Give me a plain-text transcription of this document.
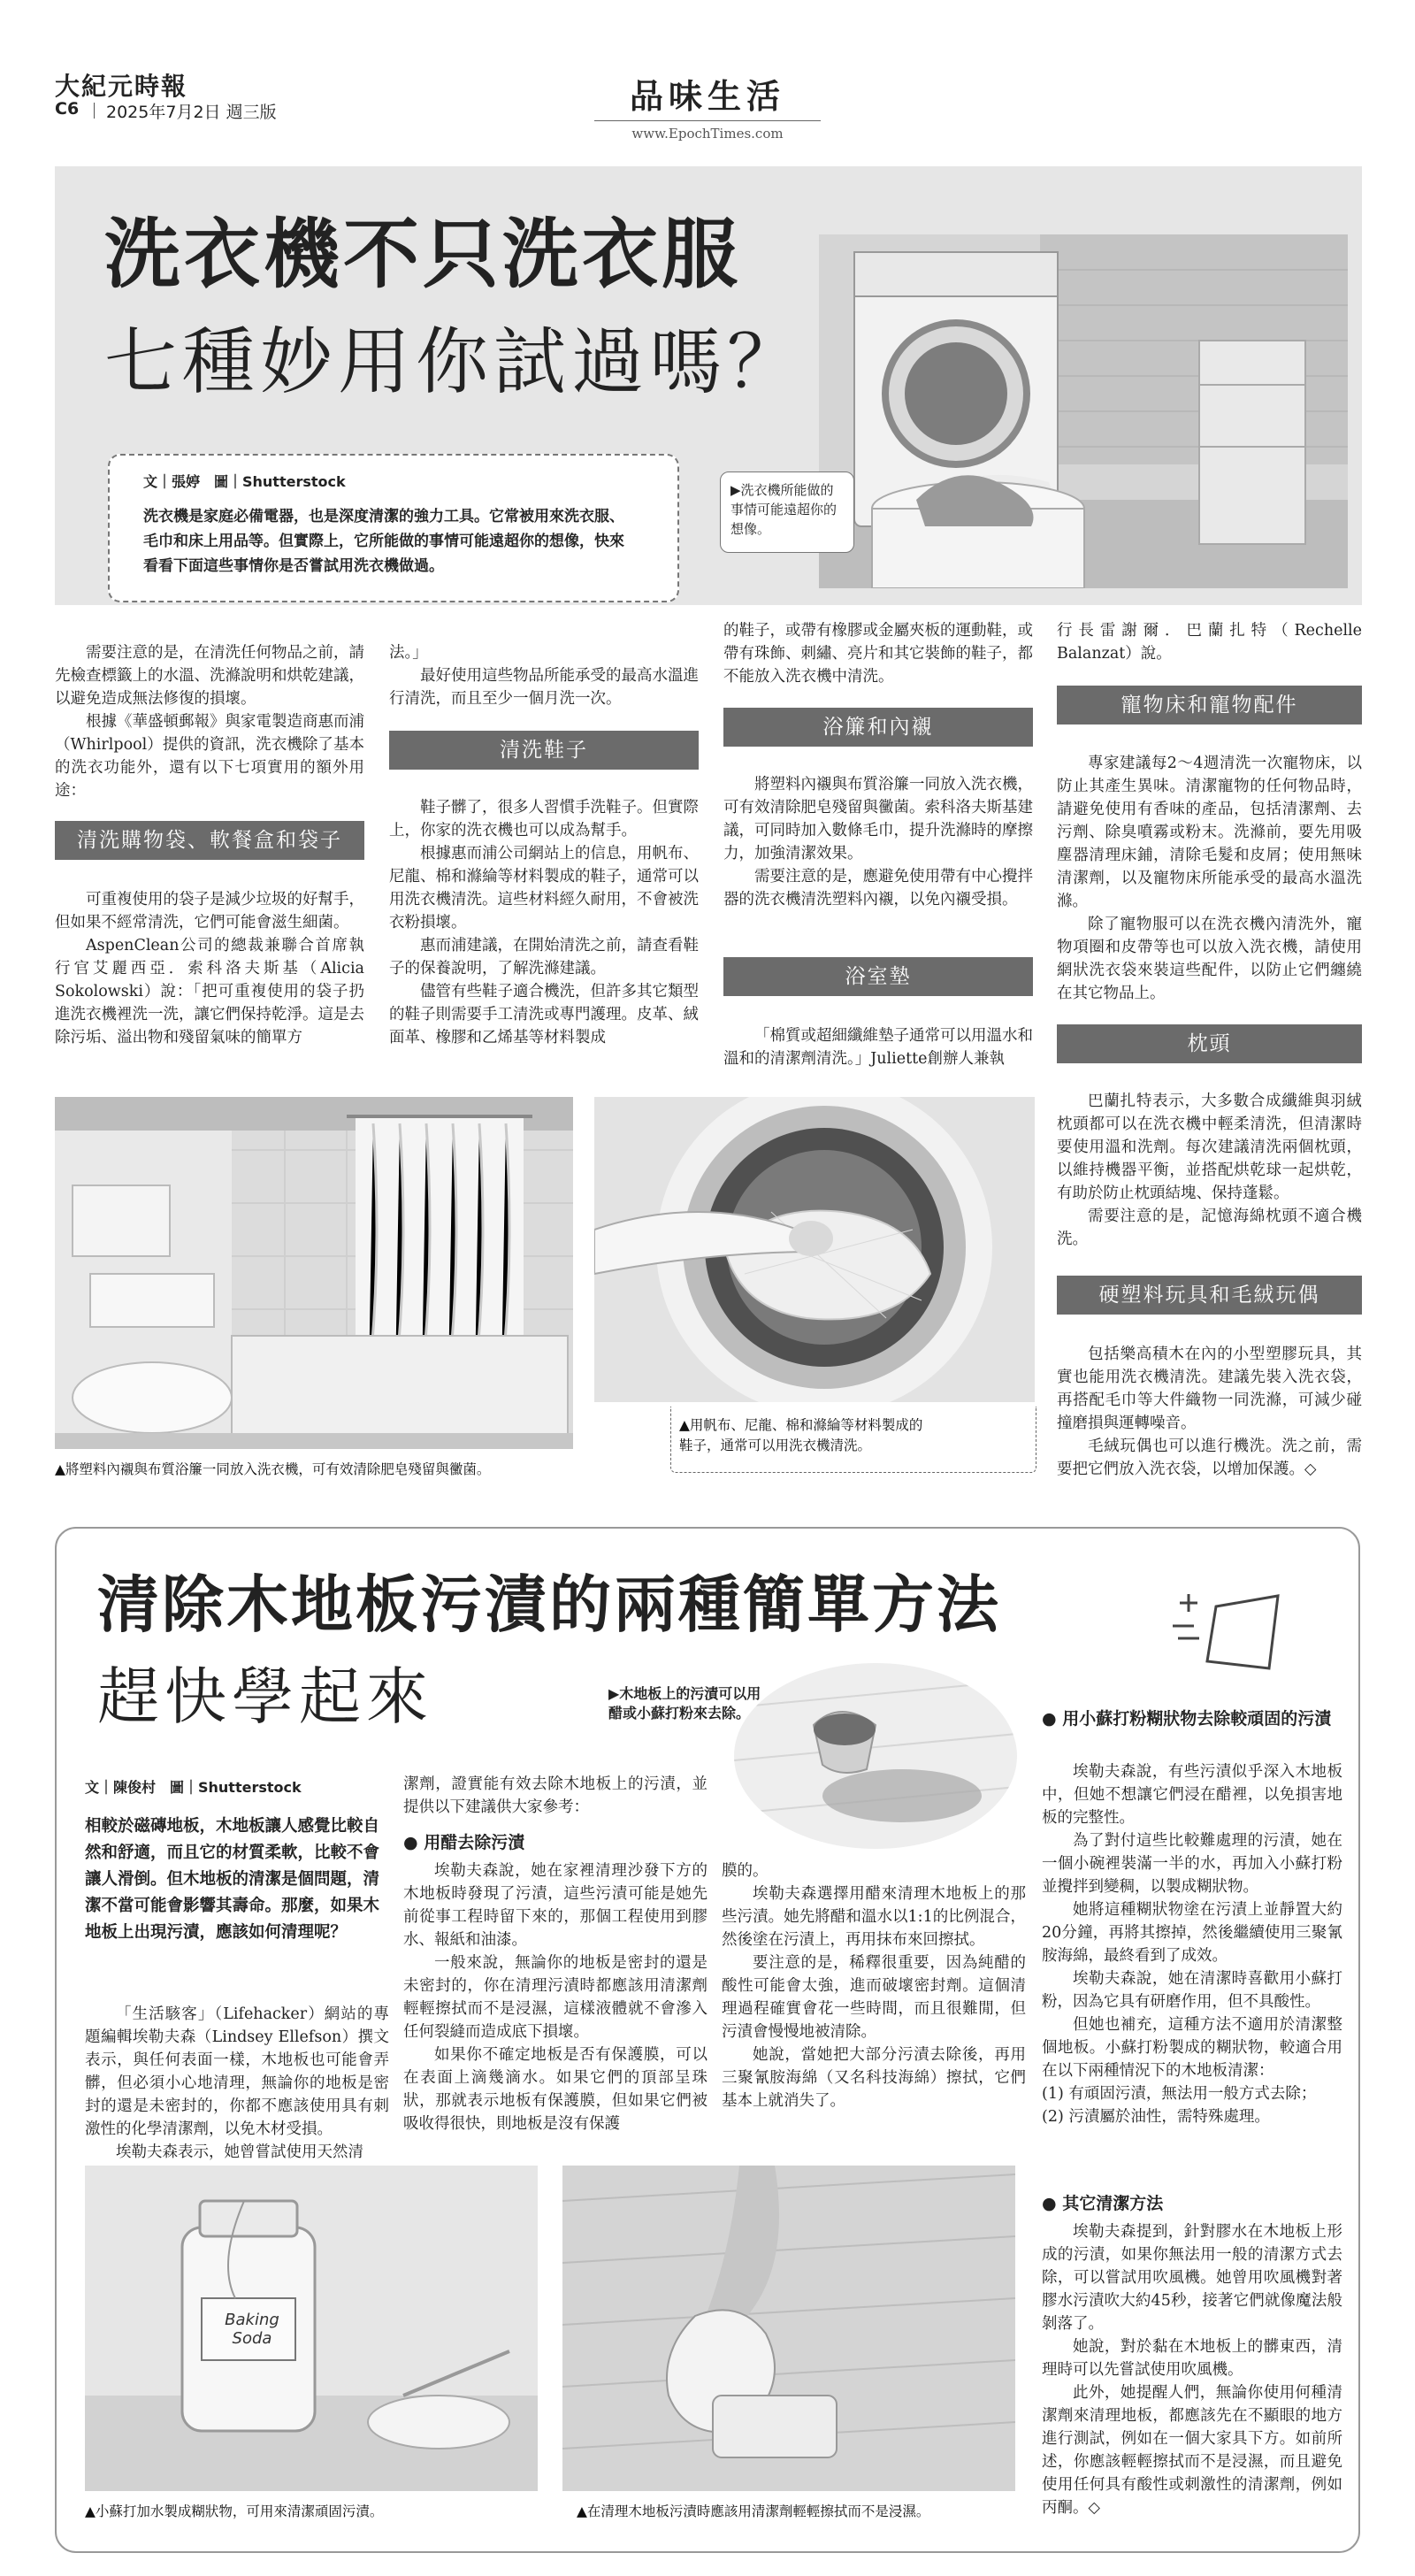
大紀元時報
C6 2025年7月2日 週三版	品味生活
www.EpochTimes.com
洗衣機不只洗衣服
七種妙用你試過嗎？
文｜張婷　圖｜Shutterstock
洗衣機是家庭必備電器，也是深度清潔的強力工具。它常被用來洗衣服、毛巾和床上用品等。但實際上，它所能做的事情可能遠超你的想像，快來看看下面這些事情你是否嘗試用洗衣機做過。
▶洗衣機所能做的事情可能遠超你的想像。

需要注意的是，在清洗任何物品之前，請先檢查標籤上的水溫、洗滌說明和烘乾建議，以避免造成無法修復的損壞。

根據《華盛頓郵報》與家電製造商惠而浦（Whirlpool）提供的資訊，洗衣機除了基本的洗衣功能外，還有以下七項實用的額外用途：

清洗購物袋、軟餐盒和袋子

可重複使用的袋子是減少垃圾的好幫手，但如果不經常清洗，它們可能會滋生細菌。

AspenClean公司的總裁兼聯合首席執行官艾麗西亞．索科洛夫斯基（Alicia Sokolowski）說：「把可重複使用的袋子扔進洗衣機裡洗一洗，讓它們保持乾淨。這是去除污垢、溢出物和殘留氣味的簡單方

法。」

最好使用這些物品所能承受的最高水溫進行清洗，而且至少一個月洗一次。

清洗鞋子

鞋子髒了，很多人習慣手洗鞋子。但實際上，你家的洗衣機也可以成為幫手。

根據惠而浦公司網站上的信息，用帆布、尼龍、棉和滌綸等材料製成的鞋子，通常可以用洗衣機清洗。這些材料經久耐用，不會被洗衣粉損壞。

惠而浦建議，在開始清洗之前，請查看鞋子的保養說明，了解洗滌建議。

儘管有些鞋子適合機洗，但許多其它類型的鞋子則需要手工清洗或專門護理。皮革、絨面革、橡膠和乙烯基等材料製成

的鞋子，或帶有橡膠或金屬夾板的運動鞋，或帶有珠飾、刺繡、亮片和其它裝飾的鞋子，都不能放入洗衣機中清洗。

浴簾和內襯

將塑料內襯與布質浴簾一同放入洗衣機，可有效清除肥皂殘留與黴菌。索科洛夫斯基建議，可同時加入數條毛巾，提升洗滌時的摩擦力，加強清潔效果。

需要注意的是，應避免使用帶有中心攪拌器的洗衣機清洗塑料內襯，以免內襯受損。

浴室墊

「棉質或超細纖維墊子通常可以用溫水和溫和的清潔劑清洗。」Juliette創辦人兼執

行長雷謝爾．巴蘭扎特（Rechelle Balanzat）說。

寵物床和寵物配件

專家建議每2～4週清洗一次寵物床，以防止其產生異味。清潔寵物的任何物品時，請避免使用有香味的產品，包括清潔劑、去污劑、除臭噴霧或粉末。洗滌前，要先用吸塵器清理床鋪，清除毛髮和皮屑；使用無味清潔劑，以及寵物床所能承受的最高水溫洗滌。

除了寵物服可以在洗衣機內清洗外，寵物項圈和皮帶等也可以放入洗衣機，請使用網狀洗衣袋來裝這些配件，以防止它們纏繞在其它物品上。

枕頭

巴蘭扎特表示，大多數合成纖維與羽絨枕頭都可以在洗衣機中輕柔清洗，但清潔時要使用溫和洗劑。每次建議清洗兩個枕頭，以維持機器平衡，並搭配烘乾球一起烘乾，有助於防止枕頭結塊、保持蓬鬆。

需要注意的是，記憶海綿枕頭不適合機洗。

硬塑料玩具和毛絨玩偶

包括樂高積木在內的小型塑膠玩具，其實也能用洗衣機清洗。建議先裝入洗衣袋，再搭配毛巾等大件織物一同洗滌，可減少碰撞磨損與運轉噪音。

毛絨玩偶也可以進行機洗。洗之前，需要把它們放入洗衣袋，以增加保護。◇

▲將塑料內襯與布質浴簾一同放入洗衣機，可有效清除肥皂殘留與黴菌。
▲用帆布、尼龍、棉和滌綸等材料製成的鞋子，通常可以用洗衣機清洗。
清除木地板污漬的兩種簡單方法
趕快學起來	▶木地板上的污漬可以用醋或小蘇打粉來去除。
文｜陳俊村　圖｜Shutterstock
相較於磁磚地板，木地板讓人感覺比較自然和舒適，而且它的材質柔軟，比較不會讓人滑倒。但木地板的清潔是個問題，清潔不當可能會影響其壽命。那麼，如果木地板上出現污漬，應該如何清理呢？

「生活駭客」（Lifehacker）網站的專題編輯埃勒夫森（Lindsey Ellefson）撰文表示，與任何表面一樣，木地板也可能會弄髒，但必須小心地清理，無論你的地板是密封的還是未密封的，你都不應該使用具有刺激性的化學清潔劑，以免木材受損。

埃勒夫森表示，她曾嘗試使用天然清

潔劑，證實能有效去除木地板上的污漬，並提供以下建議供大家參考：

● 用醋去除污漬

埃勒夫森說，她在家裡清理沙發下方的木地板時發現了污漬，這些污漬可能是她先前從事工程時留下來的，那個工程使用到膠水、報紙和油漆。

一般來說，無論你的地板是密封的還是未密封的，你在清理污漬時都應該用清潔劑輕輕擦拭而不是浸濕，這樣液體就不會滲入任何裂縫而造成底下損壞。

如果你不確定地板是否有保護膜，可以在表面上滴幾滴水。如果它們的頂部呈珠狀，那就表示地板有保護膜，但如果它們被吸收得很快，則地板是沒有保護

膜的。

埃勒夫森選擇用醋來清理木地板上的那些污漬。她先將醋和溫水以1:1的比例混合，然後塗在污漬上，再用抹布來回擦拭。

要注意的是，稀釋很重要，因為純醋的酸性可能會太強，進而破壞密封劑。這個清理過程確實會花一些時間，而且很難閒，但污漬會慢慢地被清除。

她說，當她把大部分污漬去除後，再用三聚氰胺海綿（又名科技海綿）擦拭，它們基本上就消失了。

● 用小蘇打粉糊狀物去除較頑固的污漬

埃勒夫森說，有些污漬似乎深入木地板中，但她不想讓它們浸在醋裡，以免損害地板的完整性。

為了對付這些比較難處理的污漬，她在一個小碗裡裝滿一半的水，再加入小蘇打粉並攪拌到變稠，以製成糊狀物。

她將這種糊狀物塗在污漬上並靜置大約20分鐘，再將其擦掉，然後繼續使用三聚氰胺海綿，最終看到了成效。

埃勒夫森說，她在清潔時喜歡用小蘇打粉，因為它具有研磨作用，但不具酸性。

但她也補充，這種方法不適用於清潔整個地板。小蘇打粉製成的糊狀物，較適合用在以下兩種情況下的木地板清潔：

(1) 有頑固污漬，無法用一般方式去除；

(2) 污漬屬於油性，需特殊處理。

● 其它清潔方法

埃勒夫森提到，針對膠水在木地板上形成的污漬，如果你無法用一般的清潔方式去除，可以嘗試用吹風機。她曾用吹風機對著膠水污漬吹大約45秒，接著它們就像魔法般剝落了。

她說，對於黏在木地板上的髒東西，清理時可以先嘗試使用吹風機。

此外，她提醒人們，無論你使用何種清潔劑來清理地板，都應該先在不顯眼的地方進行測試，例如在一個大家具下方。如前所述，你應該輕輕擦拭而不是浸濕，而且避免使用任何具有酸性或刺激性的清潔劑，例如丙酮。◇

Baking Soda
▲小蘇打加水製成糊狀物，可用來清潔頑固污漬。	▲在清理木地板污漬時應該用清潔劑輕輕擦拭而不是浸濕。
